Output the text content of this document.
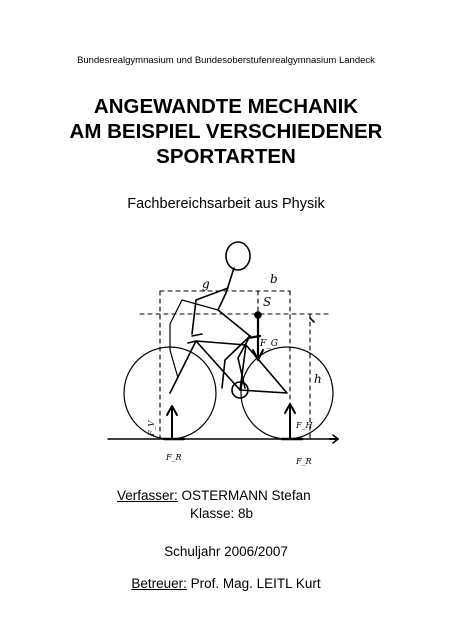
Bundesrealgymnasium und Bundesoberstufenrealgymnasium Landeck
ANGEWANDTE MECHANIK
AM BEISPIEL VERSCHIEDENER
SPORTARTEN
Fachbereichsarbeit aus Physik
g	b
S
F_G
h
F_V	F_H
F_R	F_R
Verfasser: OSTERMANN Stefan
Klasse: 8b
Schuljahr 2006/2007
Betreuer: Prof. Mag. LEITL Kurt
